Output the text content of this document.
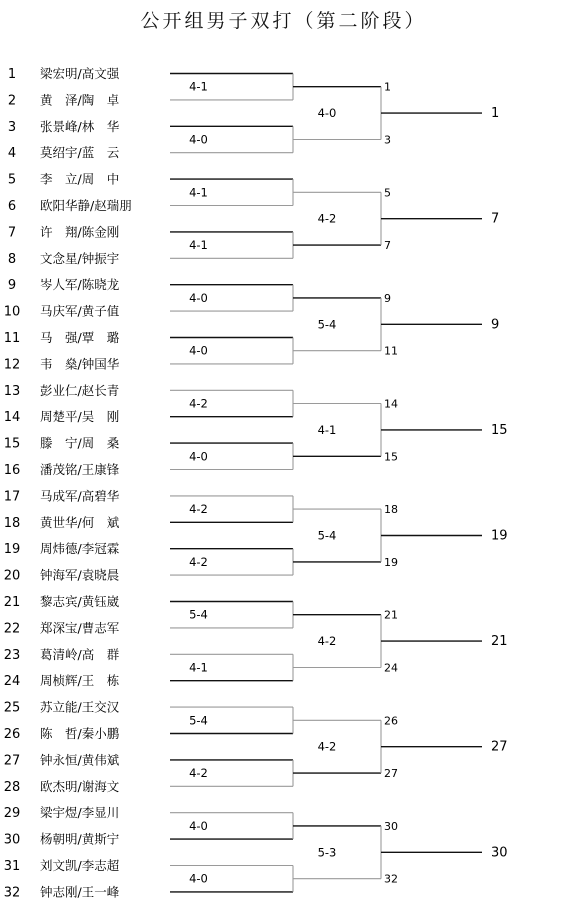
公开组男子双打（第二阶段）
1 梁宏明/高文强
2 黄　泽/陶　卓
3 张景峰/林　华
4 莫绍宇/蓝　云
5 李　立/周　中
6 欧阳华静/赵瑞朋
7 许　翔/陈金刚
8 文念星/钟振宇
9 岑人军/陈晓龙
10 马庆军/黄子值
11 马　强/覃　璐
12 韦　燊/钟国华
13 彭业仁/赵长青
14 周楚平/吴　刚
15 滕　宁/周　桑
16 潘茂铭/王康锋
17 马成军/高碧华
18 黄世华/何　斌
19 周炜德/李冠霖
20 钟海军/袁晓晨
21 黎志宾/黄钰崴
22 郑深宝/曹志军
23 葛清岭/高　群
24 周桢辉/王　栋
25 苏立能/王交汉
26 陈　哲/秦小鹏
27 钟永恒/黄伟斌
28 欧杰明/谢海文
29 梁宇煜/李显川
30 杨朝明/黄斯宁
31 刘文凯/李志超
32 钟志刚/王一峰
4-1
4-0
4-1
4-1
4-0
4-0
4-2
4-0
4-2
4-2
5-4
4-1
5-4
4-2
4-0
4-0
1
3
4-0	1
5
7
4-2	7
9
11
5-4	9
14
15
4-1	15
18
19
5-4	19
21
24
4-2	21
26
27
4-2	27
30
32
5-3	30
